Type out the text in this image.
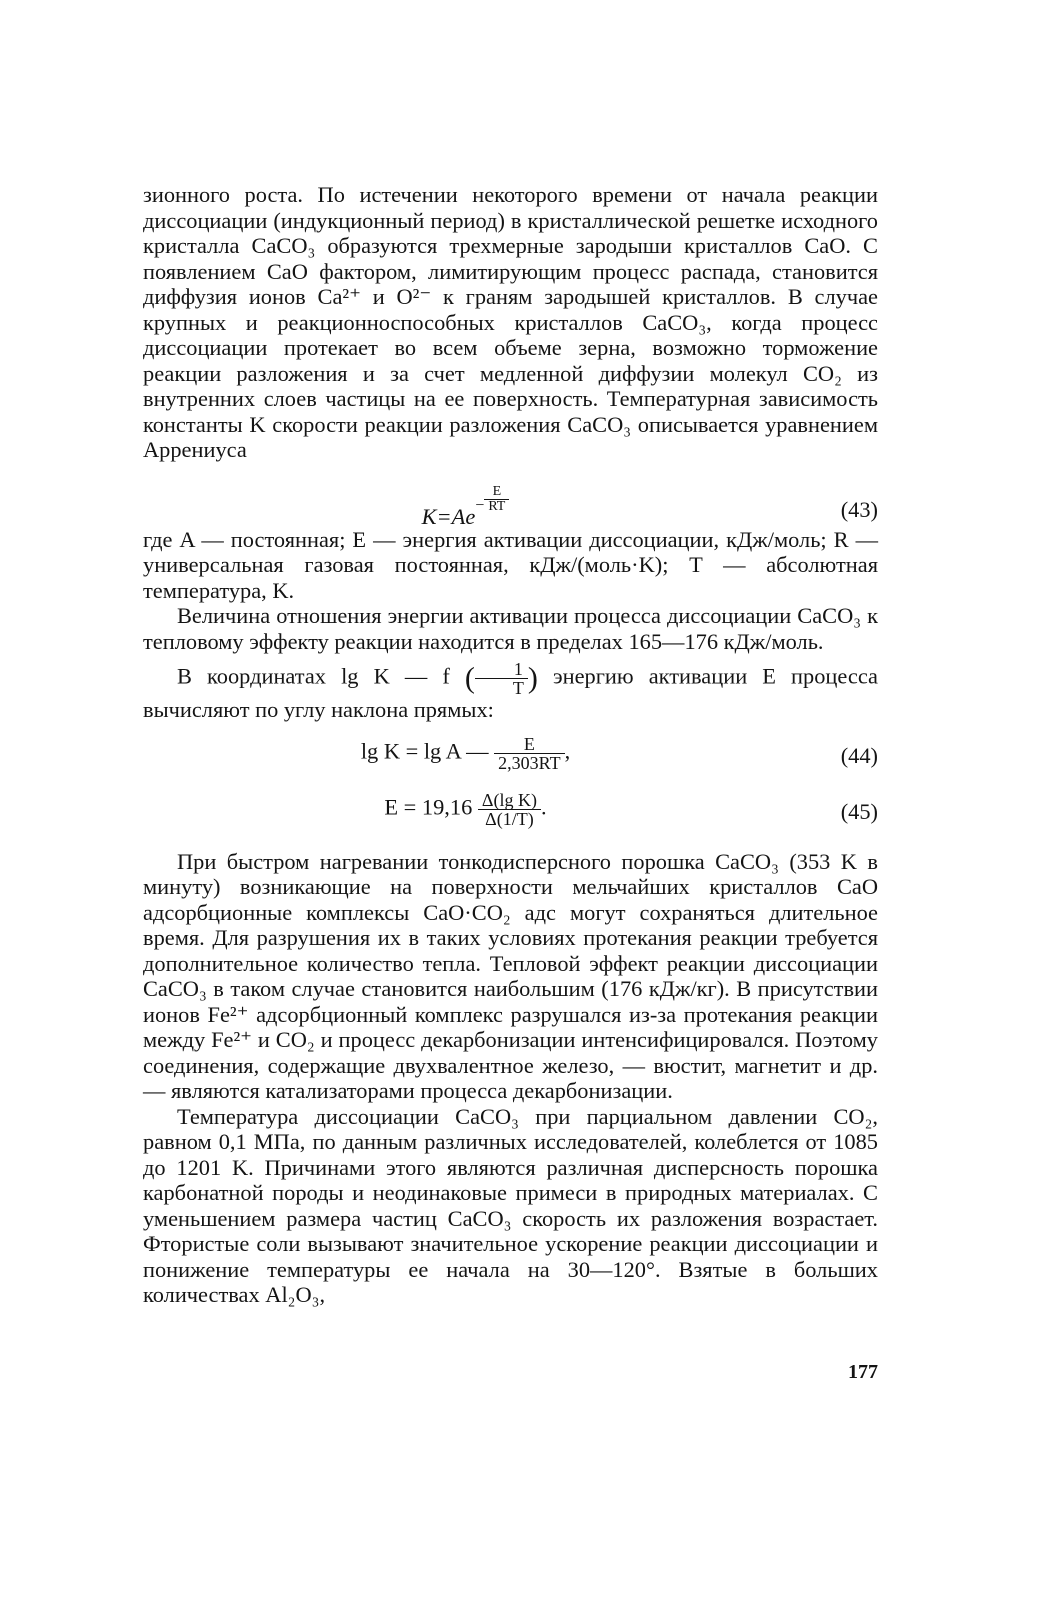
зионного роста. По истечении некоторого времени от начала реакции диссоциации (индукционный период) в кристаллической решетке исходного кристалла CaCO₃ образуются трехмерные зародыши кристаллов CaO. С появлением CaO фактором, лимитирующим процесс распада, становится диффузия ионов Ca²⁺ и O²⁻ к граням зародышей кристаллов. В случае крупных и реакционноспособных кристаллов CaCO₃, когда процесс диссоциации протекает во всем объеме зерна, возможно торможение реакции разложения и за счет медленной диффузии молекул CO₂ из внутренних слоев частицы на ее поверхность. Температурная зависимость константы K скорости реакции разложения CaCO₃ описывается уравнением Аррениуса

$K=Ae^{- \frac{E}{RT}}$	(43)

где A — постоянная; E — энергия активации диссоциации, кДж/моль; R — универсальная газовая постоянная, кДж/(моль·K); T — абсолютная температура, K.

Величина отношения энергии активации процесса диссоциации CaCO₃ к тепловому эффекту реакции находится в пределах 165—176 кДж/моль.

В координатах lg K — f ( $\frac{1}{T}$ ) энергию активации E процесса вычисляют по углу наклона прямых:

lg K = lg A — $\frac{E}{2,303RT}$ ,	(44)
$E = 19,16 \frac{\text{Δ(lg K)}}{\Delta(1/T)}$ .	(45)

При быстром нагревании тонкодисперсного порошка CaCO₃ (353 K в минуту) возникающие на поверхности мельчайших кристаллов CaO адсорбционные комплексы CaO·CO₂ адс могут сохраняться длительное время. Для разрушения их в таких условиях протекания реакции требуется дополнительное количество тепла. Тепловой эффект реакции диссоциации CaCO₃ в таком случае становится наибольшим (176 кДж/кг). В присутствии ионов Fe²⁺ адсорбционный комплекс разрушался из-за протекания реакции между Fe²⁺ и CO₂ и процесс декарбонизации интенсифицировался. Поэтому соединения, содержащие двухвалентное железо, — вюстит, магнетит и др. — являются катализаторами процесса декарбонизации.

Температура диссоциации CaCO₃ при парциальном давлении CO₂, равном 0,1 МПа, по данным различных исследователей, колеблется от 1085 до 1201 K. Причинами этого являются различная дисперсность порошка карбонатной породы и неодинаковые примеси в природных материалах. С уменьшением размера частиц CaCO₃ скорость их разложения возрастает. Фтористые соли вызывают значительное ускорение реакции диссоциации и понижение температуры ее начала на 30—120°. Взятые в больших количествах Al₂O₃,

177
